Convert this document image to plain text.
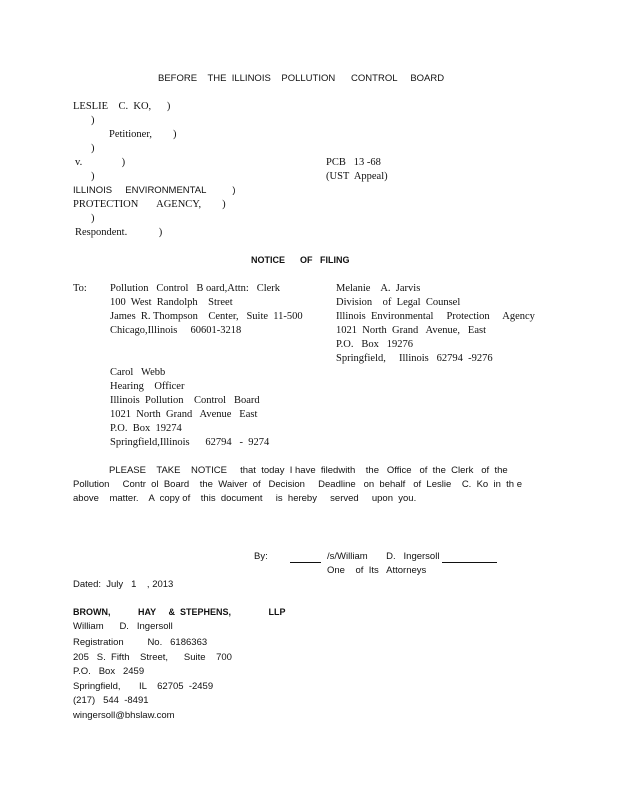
BEFORE    THE  ILLINOIS    POLLUTION      CONTROL     BOARD
LESLIE    C.  KO,      )
)
Petitioner,        )
)
v.               )
)
ILLINOIS     ENVIRONMENTAL          )
PROTECTION       AGENCY,        )
)
Respondent.            )
PCB   13 -68
(UST  Appeal)
NOTICE      OF   FILING
To: Pollution   Control   B oard,Attn:   Clerk
100  West  Randolph    Street
James  R. Thompson    Center,   Suite  11-500
Chicago,Illinois     60601-3218
Melanie    A.  Jarvis
Division    of  Legal  Counsel
Illinois  Environmental     Protection     Agency
1021  North  Grand   Avenue,   East
P.O.   Box   19276
Springfield,     Illinois   62794  -9276
Carol   Webb
Hearing    Officer
Illinois  Pollution    Control   Board
1021  North  Grand   Avenue   East
P.O.  Box  19274
Springfield,Illinois      62794   -  9274
PLEASE    TAKE    NOTICE     that  today  I have  filedwith    the   Office   of  the  Clerk   of  the
Pollution     Contr  ol  Board    the  Waiver  of   Decision     Deadline   on  behalf   of  Leslie    C.  Ko  in  th e
above    matter.    A  copy of    this  document     is  hereby     served     upon  you.
By:	/s/William       D.   Ingersoll
One    of  Its   Attorneys
Dated:  July   1    , 2013
BROWN,           HAY     &  STEPHENS,               LLP
William      D.   Ingersoll
Registration         No.   6186363
205   S.  Fifth    Street,      Suite    700
P.O.   Box   2459
Springfield,       IL    62705  -2459
(217)   544  -8491
wingersoll@bhslaw.com
